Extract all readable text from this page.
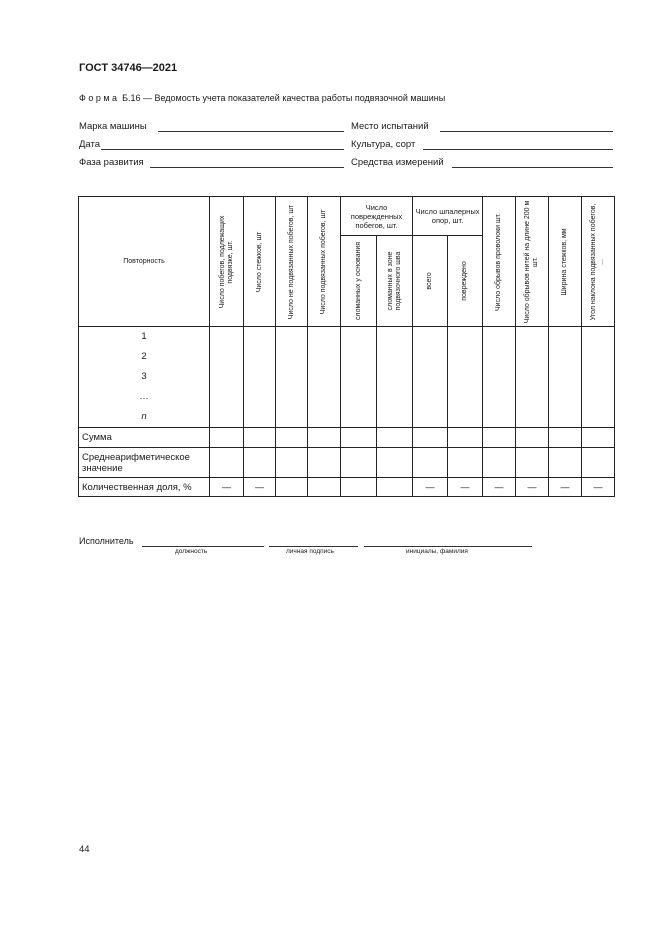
ГОСТ 34746—2021
Форма Б.16 — Ведомость учета показателей качества работы подвязочной машины
Марка машины	Место испытаний
Дата	Культура, сорт
Фаза развития	Средства измерений
Повторность	Число побегов, подлежащих подвязке, шт.	Число стежков, шт	Число не подвязанных побегов, шт	Число подвязанных побегов, шт	Число поврежденных побегов, шт.		Число шпалерных опор, шт.		Число обрывов проволоки шт.	Число обрывов нитей на длине 200 м шт.	Ширина стежков, мм	Угол наклона подвязанных побегов, ...

					сломанных у основания	сломанных в зоне подвязочного шва	всего	повреждено				

1
2
3
…
n												

Сумма												
Среднеарифметическое значение												
Количественная доля, %	—	—					—	—	—	—	—	—
Исполнитель
должность	личная подпись	инициалы, фамилия
44
